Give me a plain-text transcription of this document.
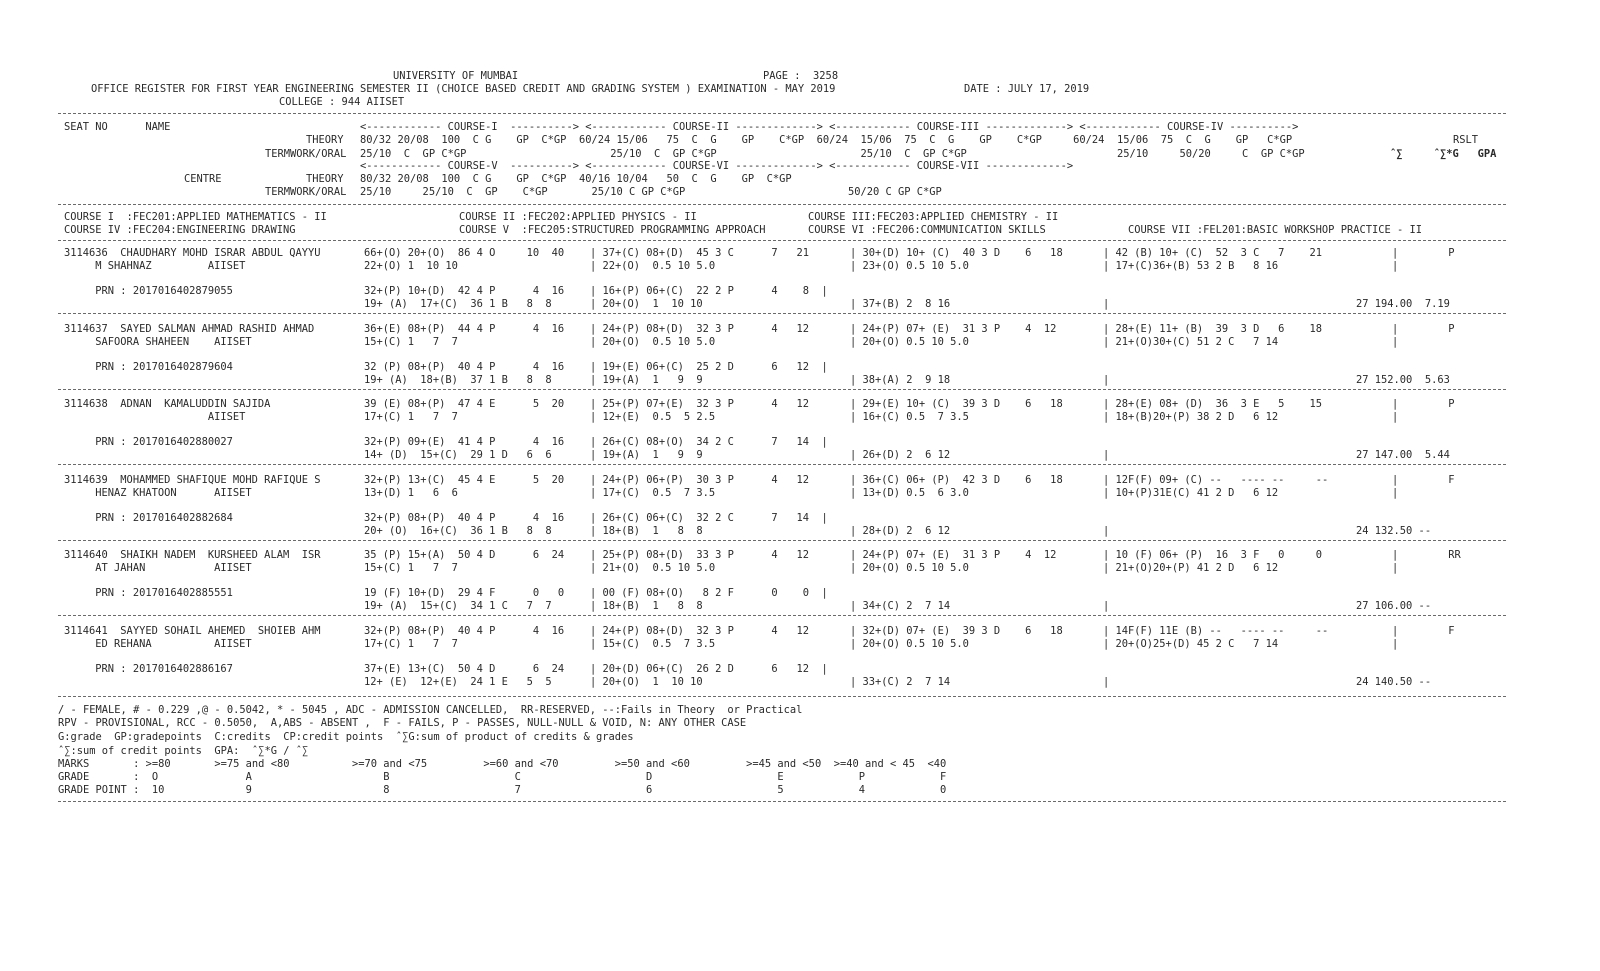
UNIVERSITY OF MUMBAI	PAGE :  3258
OFFICE REGISTER FOR FIRST YEAR ENGINEERING SEMESTER II (CHOICE BASED CREDIT AND GRADING SYSTEM ) EXAMINATION - MAY 2019	DATE : JULY 17, 2019
COLLEGE : 944 AIISET
SEAT NO      NAME	<------------ COURSE-I  ----------> <------------ COURSE-II -------------> <------------ COURSE-III -------------> <------------ COURSE-IV ---------->
THEORY 80/32 20/08  100  C G    GP  C*GP  60/24 15/06   75  C  G    GP    C*GP  60/24  15/06  75  C  G    GP    C*GP     60/24  15/06  75  C  G    GP   C*GP	RSLT
TERMWORK/ORAL 25/10  C  GP C*GP                       25/10  C  GP C*GP                       25/10  C  GP C*GP                        25/10     50/20     C  GP C*GP	ˆ∑     ˆ∑*G   GPA
<------------ COURSE-V  ----------> <------------ COURSE-VI -------------> <------------ COURSE-VII ------------->
CENTRE	THEORY 80/32 20/08  100  C G    GP  C*GP  40/16 10/04   50  C  G    GP  C*GP
TERMWORK/ORAL 25/10     25/10  C  GP    C*GP       25/10 C GP C*GP                          50/20 C GP C*GP
COURSE I  :FEC201:APPLIED MATHEMATICS - II	COURSE II :FEC202:APPLIED PHYSICS - II	COURSE III:FEC203:APPLIED CHEMISTRY - II
COURSE IV :FEC204:ENGINEERING DRAWING	COURSE V  :FEC205:STRUCTURED PROGRAMMING APPROACH	COURSE VI :FEC206:COMMUNICATION SKILLS	COURSE VII :FEL201:BASIC WORKSHOP PRACTICE - II
3114636  CHAUDHARY MOHD ISRAR ABDUL QAYYU	66+(O) 20+(O)  86 4 O     10  40 | 37+(C) 08+(D)  45 3 C      7   21	| 30+(D) 10+ (C)  40 3 D    6   18	| 42 (B) 10+ (C)  52  3 C   7    21	|        P
M SHAHNAZ         AIISET	22+(O) 1  10 10	| 22+(O)  0.5 10 5.0	| 23+(O) 0.5 10 5.0	| 17+(C)36+(B) 53 2 B   8 16	|
PRN : 2017016402879055	32+(P) 10+(D)  42 4 P      4  16 | 16+(P) 06+(C)  22 2 P      4    8  |
19+ (A)  17+(C)  36 1 B   8  8	| 20+(O)  1  10 10	| 37+(B) 2  8 16	|	27 194.00  7.19
3114637  SAYED SALMAN AHMAD RASHID AHMAD	36+(E) 08+(P)  44 4 P      4  16 | 24+(P) 08+(D)  32 3 P      4   12	| 24+(P) 07+ (E)  31 3 P    4  12	| 28+(E) 11+ (B)  39  3 D   6    18	|        P
SAFOORA SHAHEEN    AIISET	15+(C) 1   7  7	| 20+(O)  0.5 10 5.0	| 20+(O) 0.5 10 5.0	| 21+(O)30+(C) 51 2 C   7 14	|
PRN : 2017016402879604	32 (P) 08+(P)  40 4 P      4  16 | 19+(E) 06+(C)  25 2 D      6   12  |
19+ (A)  18+(B)  37 1 B   8  8	| 19+(A)  1   9  9	| 38+(A) 2  9 18	|	27 152.00  5.63
3114638  ADNAN  KAMALUDDIN SAJIDA	39 (E) 08+(P)  47 4 E      5  20 | 25+(P) 07+(E)  32 3 P      4   12	| 29+(E) 10+ (C)  39 3 D    6   18	| 28+(E) 08+ (D)  36  3 E   5    15	|        P
AIISET	17+(C) 1   7  7	| 12+(E)  0.5  5 2.5	| 16+(C) 0.5  7 3.5	| 18+(B)20+(P) 38 2 D   6 12	|
PRN : 2017016402880027	32+(P) 09+(E)  41 4 P      4  16 | 26+(C) 08+(O)  34 2 C      7   14  |
14+ (D)  15+(C)  29 1 D   6  6	| 19+(A)  1   9  9	| 26+(D) 2  6 12	|	27 147.00  5.44
3114639  MOHAMMED SHAFIQUE MOHD RAFIQUE S	32+(P) 13+(C)  45 4 E      5  20 | 24+(P) 06+(P)  30 3 P      4   12	| 36+(C) 06+ (P)  42 3 D    6   18	| 12F(F) 09+ (C) --   ---- --     --	|        F
HENAZ KHATOON      AIISET	13+(D) 1   6  6	| 17+(C)  0.5  7 3.5	| 13+(D) 0.5  6 3.0	| 10+(P)31E(C) 41 2 D   6 12	|
PRN : 2017016402882684	32+(P) 08+(P)  40 4 P      4  16 | 26+(C) 06+(C)  32 2 C      7   14  |
20+ (O)  16+(C)  36 1 B   8  8	| 18+(B)  1   8  8	| 28+(D) 2  6 12	|	24 132.50 --
3114640  SHAIKH NADEM  KURSHEED ALAM  ISR	35 (P) 15+(A)  50 4 D      6  24 | 25+(P) 08+(D)  33 3 P      4   12	| 24+(P) 07+ (E)  31 3 P    4  12	| 10 (F) 06+ (P)  16  3 F   0     0	|        RR
AT JAHAN           AIISET	15+(C) 1   7  7	| 21+(O)  0.5 10 5.0	| 20+(O) 0.5 10 5.0	| 21+(O)20+(P) 41 2 D   6 12	|
PRN : 2017016402885551	19 (F) 10+(D)  29 4 F      0   0 | 00 (F) 08+(O)   8 2 F      0    0  |
19+ (A)  15+(C)  34 1 C   7  7	| 18+(B)  1   8  8	| 34+(C) 2  7 14	|	27 106.00 --
3114641  SAYYED SOHAIL AHEMED  SHOIEB AHM	32+(P) 08+(P)  40 4 P      4  16 | 24+(P) 08+(D)  32 3 P      4   12	| 32+(D) 07+ (E)  39 3 D    6   18	| 14F(F) 11E (B) --   ---- --     --	|        F
ED REHANA          AIISET	17+(C) 1   7  7	| 15+(C)  0.5  7 3.5	| 20+(O) 0.5 10 5.0	| 20+(O)25+(D) 45 2 C   7 14	|
PRN : 2017016402886167	37+(E) 13+(C)  50 4 D      6  24 | 20+(D) 06+(C)  26 2 D      6   12  |
12+ (E)  12+(E)  24 1 E   5  5	| 20+(O)  1  10 10	| 33+(C) 2  7 14	|	24 140.50 --
/ - FEMALE, # - 0.229 ,@ - 0.5042, * - 5045 , ADC - ADMISSION CANCELLED,  RR-RESERVED, --:Fails in Theory  or Practical
RPV - PROVISIONAL, RCC - 0.5050,  A,ABS - ABSENT ,  F - FAILS, P - PASSES, NULL-NULL & VOID, N: ANY OTHER CASE
G:grade  GP:gradepoints  C:credits  CP:credit points  ˆ∑G:sum of product of credits & grades
ˆ∑:sum of credit points  GPA:  ˆ∑*G / ˆ∑
MARKS       : >=80       >=75 and <80          >=70 and <75         >=60 and <70         >=50 and <60         >=45 and <50  >=40 and < 45  <40
GRADE       :  O              A                     B                    C                    D                    E            P            F
GRADE POINT :  10             9                     8                    7                    6                    5            4            0
